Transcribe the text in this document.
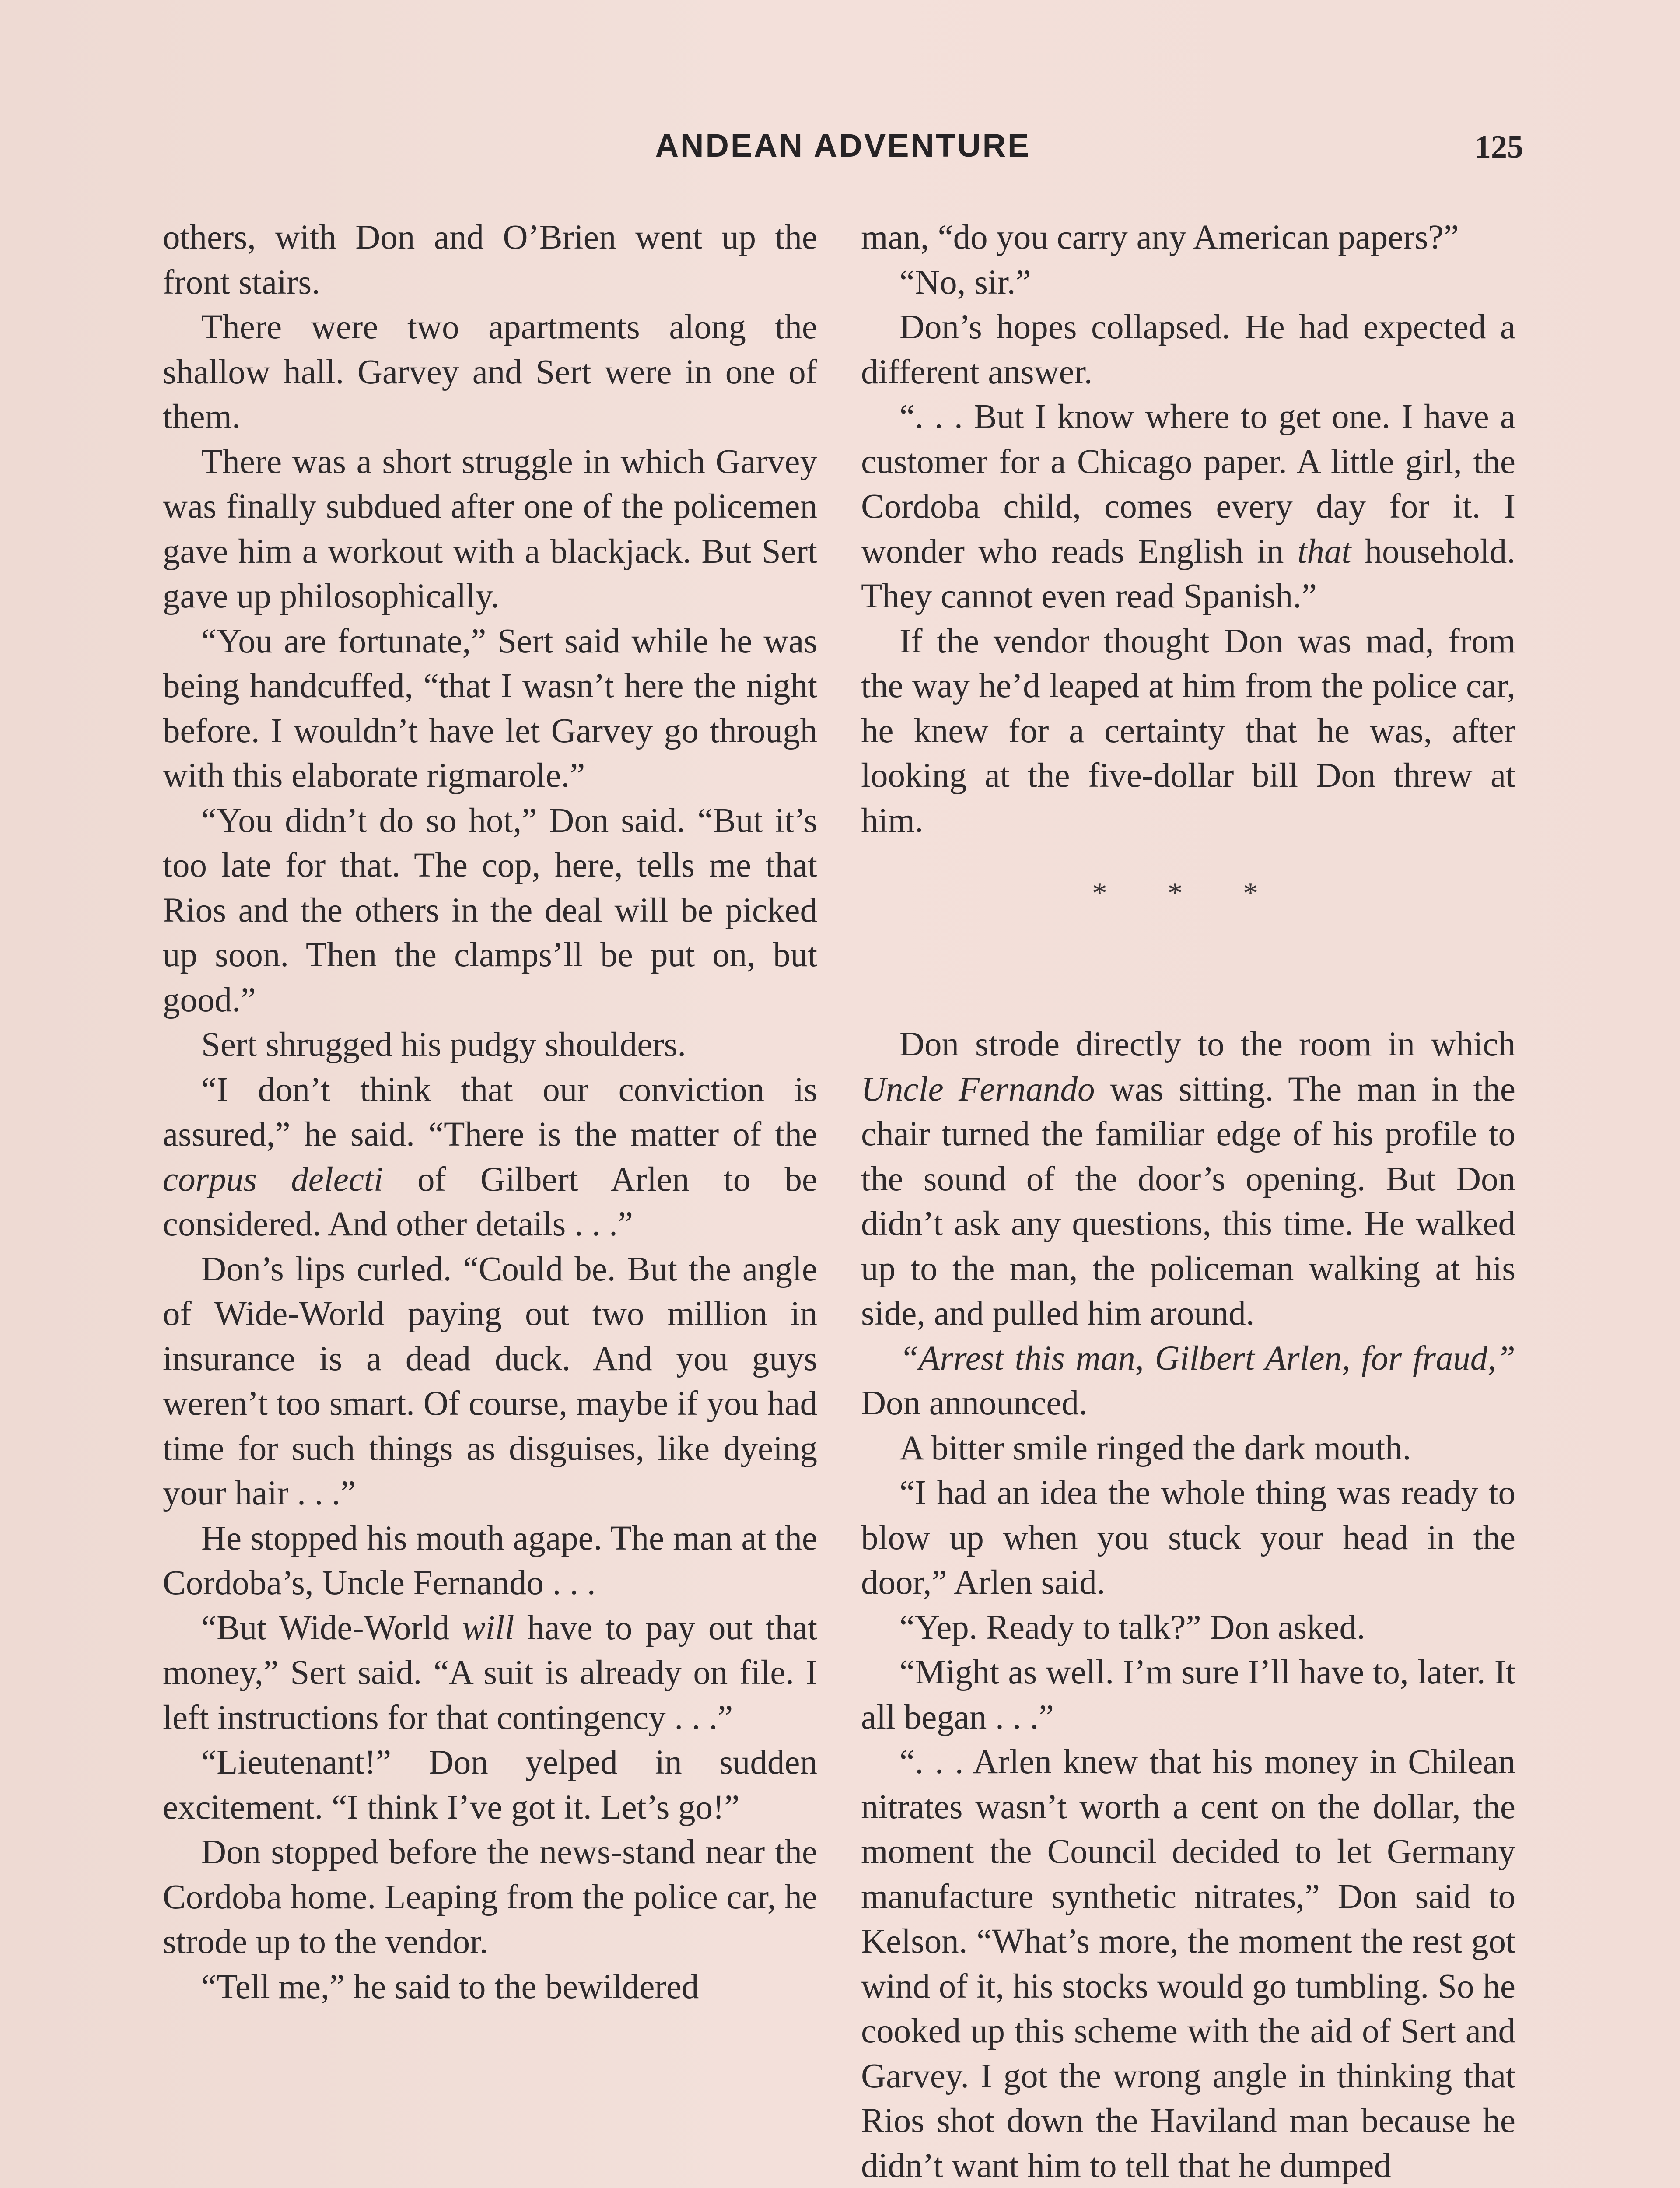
ANDEAN ADVENTURE	125

others, with Don and O’Brien went up the front stairs.

There were two apartments along the shallow hall. Garvey and Sert were in one of them.

There was a short struggle in which Garvey was finally subdued after one of the policemen gave him a workout with a blackjack. But Sert gave up philosophically.

“You are fortunate,” Sert said while he was being handcuffed, “that I wasn’t here the night before. I wouldn’t have let Garvey go through with this elaborate rigmarole.”

“You didn’t do so hot,” Don said. “But it’s too late for that. The cop, here, tells me that Rios and the others in the deal will be picked up soon. Then the clamps’ll be put on, but good.”

Sert shrugged his pudgy shoulders.

“I don’t think that our conviction is assured,” he said. “There is the matter of the corpus delecti of Gilbert Arlen to be considered. And other details . . .”

Don’s lips curled. “Could be. But the angle of Wide-World paying out two million in insurance is a dead duck. And you guys weren’t too smart. Of course, maybe if you had time for such things as disguises, like dyeing your hair . . .”

He stopped his mouth agape. The man at the Cordoba’s, Uncle Fernando . . .

“But Wide-World will have to pay out that money,” Sert said. “A suit is already on file. I left instructions for that contingency . . .”

“Lieutenant!” Don yelped in sudden excitement. “I think I’ve got it. Let’s go!”

Don stopped before the news-stand near the Cordoba home. Leaping from the police car, he strode up to the vendor.

“Tell me,” he said to the bewildered

man, “do you carry any American papers?”

“No, sir.”

Don’s hopes collapsed. He had expected a different answer.

“. . . But I know where to get one. I have a customer for a Chicago paper. A little girl, the Cordoba child, comes every day for it. I wonder who reads English in that household. They cannot even read Spanish.”

If the vendor thought Don was mad, from the way he’d leaped at him from the police car, he knew for a certainty that he was, after looking at the five-dollar bill Don threw at him.

* * *

Don strode directly to the room in which Uncle Fernando was sitting. The man in the chair turned the familiar edge of his profile to the sound of the door’s opening. But Don didn’t ask any questions, this time. He walked up to the man, the policeman walking at his side, and pulled him around.

“Arrest this man, Gilbert Arlen, for fraud,” Don announced.

A bitter smile ringed the dark mouth.

“I had an idea the whole thing was ready to blow up when you stuck your head in the door,” Arlen said.

“Yep. Ready to talk?” Don asked.

“Might as well. I’m sure I’ll have to, later. It all began . . .”

“. . . Arlen knew that his money in Chilean nitrates wasn’t worth a cent on the dollar, the moment the Council decided to let Germany manufacture synthetic nitrates,” Don said to Kelson. “What’s more, the moment the rest got wind of it, his stocks would go tumbling. So he cooked up this scheme with the aid of Sert and Garvey. I got the wrong angle in thinking that Rios shot down the Haviland man because he didn’t want him to tell that he dumped
